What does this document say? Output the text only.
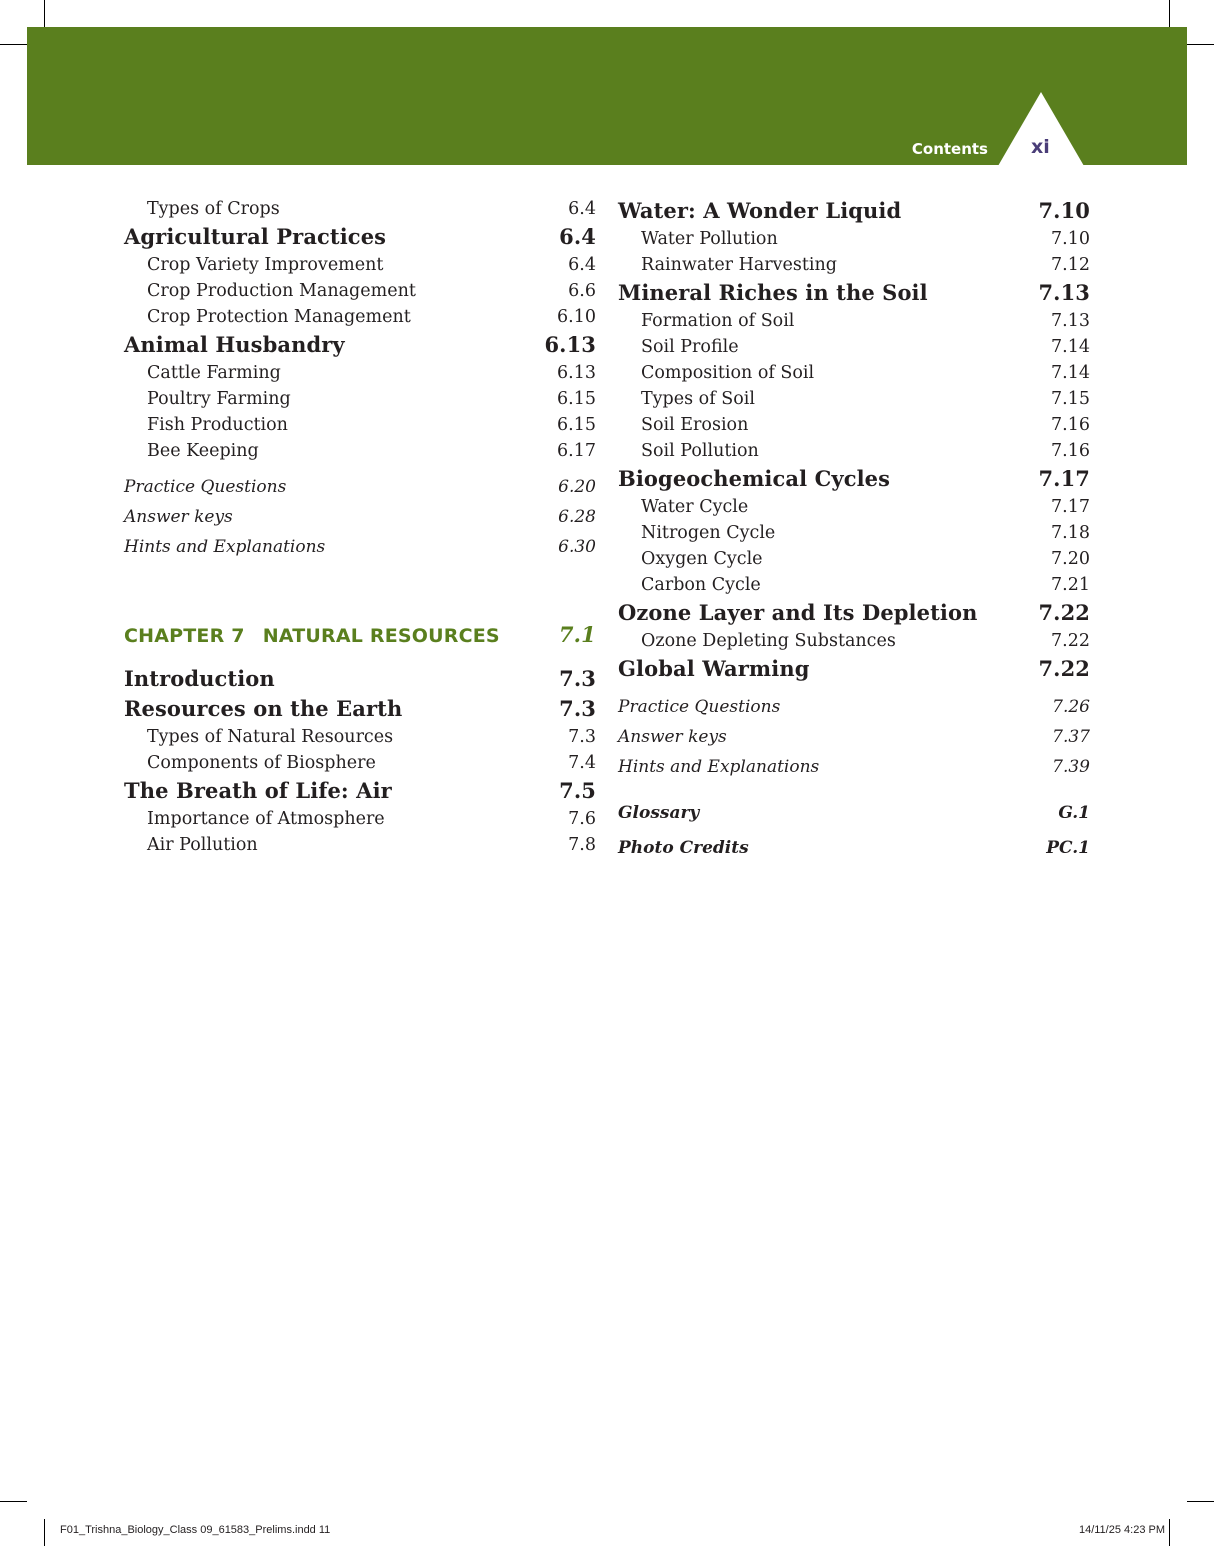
Contents xi
Types of Crops	6.4
Agricultural Practices	6.4
Crop Variety Improvement	6.4
Crop Production Management	6.6
Crop Protection Management	6.10
Animal Husbandry	6.13
Cattle Farming	6.13
Poultry Farming	6.15
Fish Production	6.15
Bee Keeping	6.17
Practice Questions	6.20
Answer keys	6.28
Hints and Explanations	6.30
CHAPTER 7 NATURAL RESOURCES	7.1
Introduction	7.3
Resources on the Earth	7.3
Types of Natural Resources	7.3
Components of Biosphere	7.4
The Breath of Life: Air	7.5
Importance of Atmosphere	7.6
Air Pollution	7.8
Water: A Wonder Liquid	7.10
Water Pollution	7.10
Rainwater Harvesting	7.12
Mineral Riches in the Soil	7.13
Formation of Soil	7.13
Soil Profile	7.14
Composition of Soil	7.14
Types of Soil	7.15
Soil Erosion	7.16
Soil Pollution	7.16
Biogeochemical Cycles	7.17
Water Cycle	7.17
Nitrogen Cycle	7.18
Oxygen Cycle	7.20
Carbon Cycle	7.21
Ozone Layer and Its Depletion	7.22
Ozone Depleting Substances	7.22
Global Warming	7.22
Practice Questions	7.26
Answer keys	7.37
Hints and Explanations	7.39
Glossary	G.1
Photo Credits	PC.1
F01_Trishna_Biology_Class 09_61583_Prelims.indd 11	14/11/25 4:23 PM
